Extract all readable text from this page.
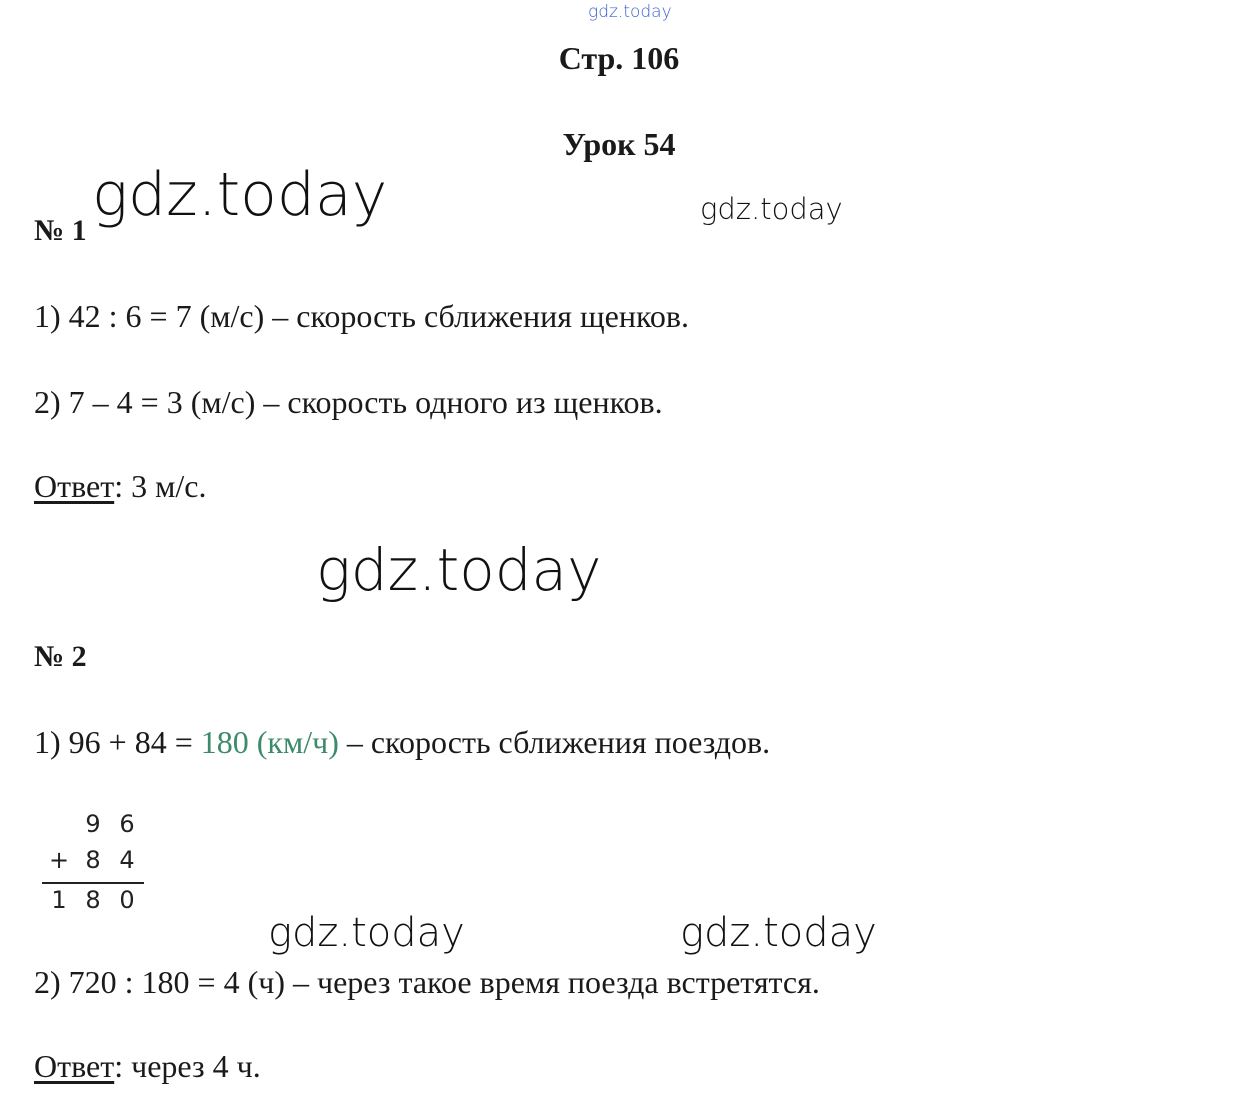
gdz.today
gdz.today	gdz.today
gdz.today
gdz.today	gdz.today
Стр. 106
Урок 54
№ 1
1) 42 : 6 = 7 (м/с) – скорость сближения щенков.
2) 7 – 4 = 3 (м/с) – скорость одного из щенков.
Ответ: 3 м/с.
№ 2
1) 96 + 84 = 180 (км/ч) – скорость сближения поездов.
9 6
+ 8 4
1 8 0
2) 720 : 180 = 4 (ч) – через такое время поезда встретятся.
Ответ: через 4 ч.
